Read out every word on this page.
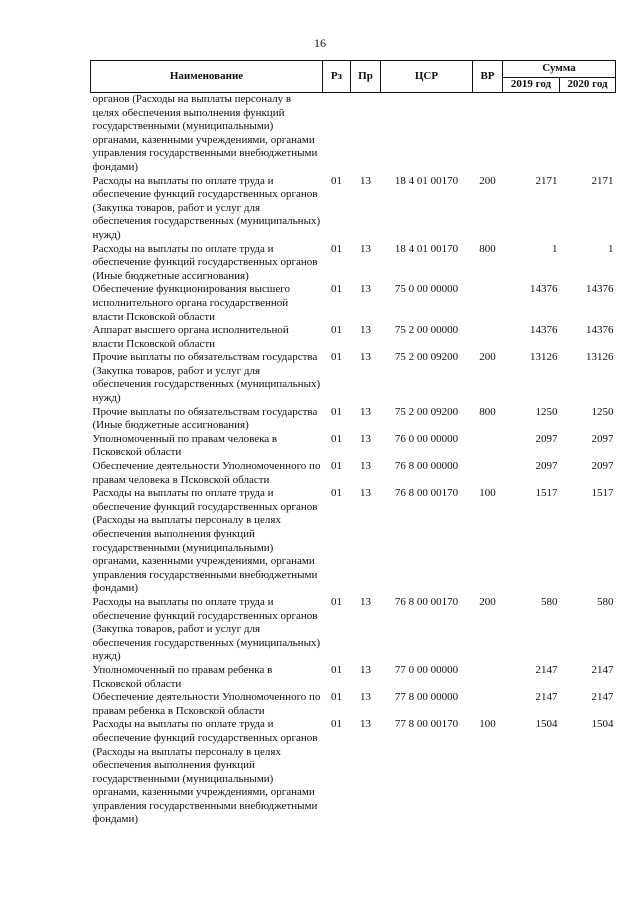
16
Наименование	Рз	Пр	ЦСР	ВР	Сумма	
					2019 год	2020 год
органов (Расходы на выплаты персоналу в целях обеспечения выполнения функций государственными (муниципальными) органами, казенными учреждениями, органами управления государственными внебюджетными фондами)						
Расходы на выплаты по оплате труда и обеспечение функций государственных органов (Закупка товаров, работ и услуг для обеспечения государственных (муниципальных) нужд)	01	13	18 4 01 00170	200	2171	2171
Расходы на выплаты по оплате труда и обеспечение функций государственных органов (Иные бюджетные ассигнования)	01	13	18 4 01 00170	800	1	1
Обеспечение функционирования высшего исполнительного органа государственной власти Псковской области	01	13	75 0 00 00000		14376	14376
Аппарат высшего органа исполнительной власти Псковской области	01	13	75 2 00 00000		14376	14376
Прочие выплаты по обязательствам государства (Закупка товаров, работ и услуг для обеспечения государственных (муниципальных) нужд)	01	13	75 2 00 09200	200	13126	13126
Прочие выплаты по обязательствам государства (Иные бюджетные ассигнования)	01	13	75 2 00 09200	800	1250	1250
Уполномоченный по правам человека в Псковской области	01	13	76 0 00 00000		2097	2097
Обеспечение деятельности Уполномоченного по правам человека в Псковской области	01	13	76 8 00 00000		2097	2097
Расходы на выплаты по оплате труда и обеспечение функций государственных органов (Расходы на выплаты персоналу в целях обеспечения выполнения функций государственными (муниципальными) органами, казенными учреждениями, органами управления государственными внебюджетными фондами)	01	13	76 8 00 00170	100	1517	1517
Расходы на выплаты по оплате труда и обеспечение функций государственных органов (Закупка товаров, работ и услуг для обеспечения государственных (муниципальных) нужд)	01	13	76 8 00 00170	200	580	580
Уполномоченный по правам ребенка в Псковской области	01	13	77 0 00 00000		2147	2147
Обеспечение деятельности Уполномоченного по правам ребенка в Псковской области	01	13	77 8 00 00000		2147	2147
Расходы на выплаты по оплате труда и обеспечение функций государственных органов (Расходы на выплаты персоналу в целях обеспечения выполнения функций государственными (муниципальными) органами, казенными учреждениями, органами управления государственными внебюджетными фондами)	01	13	77 8 00 00170	100	1504	1504
